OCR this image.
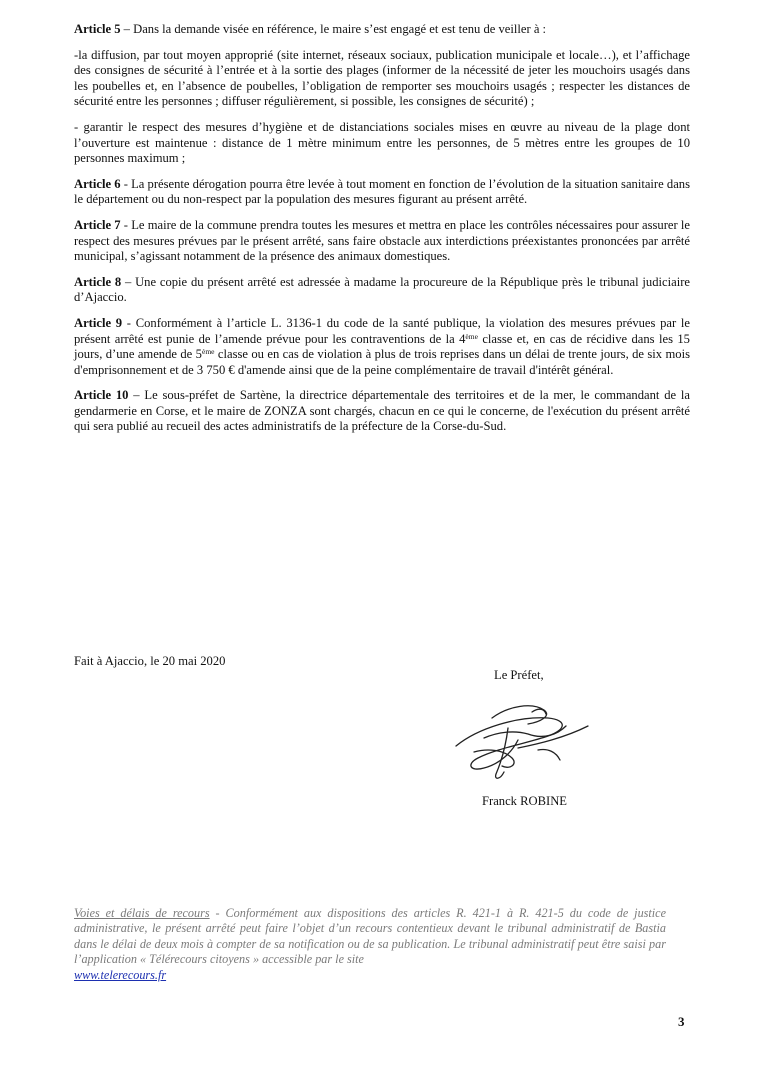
Article 5 – Dans la demande visée en référence, le maire s’est engagé et est tenu de veiller à :

-la diffusion, par tout moyen approprié (site internet, réseaux sociaux, publication municipale et locale…), et l’affichage des consignes de sécurité à l’entrée et à la sortie des plages (informer de la nécessité de jeter les mouchoirs usagés dans les poubelles et, en l’absence de poubelles, l’obligation de remporter ses mouchoirs usagés ; respecter les distances de sécurité entre les personnes ; diffuser régulièrement, si possible, les consignes de sécurité) ;

- garantir le respect des mesures d’hygiène et de distanciations sociales mises en œuvre au niveau de la plage dont l’ouverture est maintenue : distance de 1 mètre minimum entre les personnes, de 5 mètres entre les groupes de 10 personnes maximum ;

Article 6 - La présente dérogation pourra être levée à tout moment en fonction de l’évolution de la situation sanitaire dans le département ou du non-respect par la population des mesures figurant au présent arrêté.

Article 7 - Le maire de la commune prendra toutes les mesures et mettra en place les contrôles nécessaires pour assurer le respect des mesures prévues par le présent arrêté, sans faire obstacle aux interdictions préexistantes prononcées par arrêté municipal, s’agissant notamment de la présence des animaux domestiques.

Article 8 – Une copie du présent arrêté est adressée à madame la procureure de la République près le tribunal judiciaire d’Ajaccio.

Article 9 - Conformément à l’article L. 3136-1 du code de la santé publique, la violation des mesures prévues par le présent arrêté est punie de l’amende prévue pour les contraventions de la 4ème classe et, en cas de récidive dans les 15 jours, d’une amende de 5ème classe ou en cas de violation à plus de trois reprises dans un délai de trente jours, de six mois d'emprisonnement et de 3 750 € d'amende ainsi que de la peine complémentaire de travail d'intérêt général.

Article 10 – Le sous-préfet de Sartène, la directrice départementale des territoires et de la mer, le commandant de la gendarmerie en Corse, et le maire de ZONZA sont chargés, chacun en ce qui le concerne, de l'exécution du présent arrêté qui sera publié au recueil des actes administratifs de la préfecture de la Corse-du-Sud.

Fait à Ajaccio, le 20 mai 2020
Le Préfet,
Franck ROBINE
Voies et délais de recours - Conformément aux dispositions des articles R. 421-1 à R. 421-5 du code de justice administrative, le présent arrêté peut faire l’objet d’un recours contentieux devant le tribunal administratif de Bastia dans le délai de deux mois à compter de sa notification ou de sa publication. Le tribunal administratif peut être saisi par l’application « Télérecours citoyens » accessible par le site
www.telerecours.fr
3
